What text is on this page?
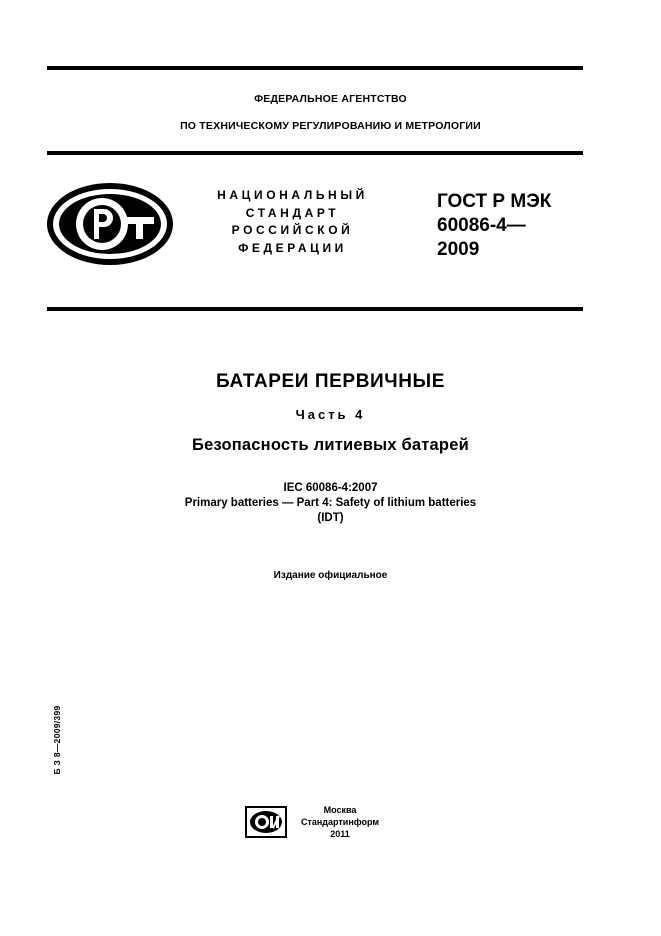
ФЕДЕРАЛЬНОЕ АГЕНТСТВО
ПО ТЕХНИЧЕСКОМУ РЕГУЛИРОВАНИЮ И МЕТРОЛОГИИ
НАЦИОНАЛЬНЫЙ
СТАНДАРТ
РОССИЙСКОЙ
ФЕДЕРАЦИИ
ГОСТ Р МЭК
60086-4—
2009
БАТАРЕИ ПЕРВИЧНЫЕ
Часть 4
Безопасность литиевых батарей
IEC 60086-4:2007
Primary batteries — Part 4: Safety of lithium batteries
(IDT)
Издание официальное
Б З 8—2009/399
Москва
Стандартинформ
2011
